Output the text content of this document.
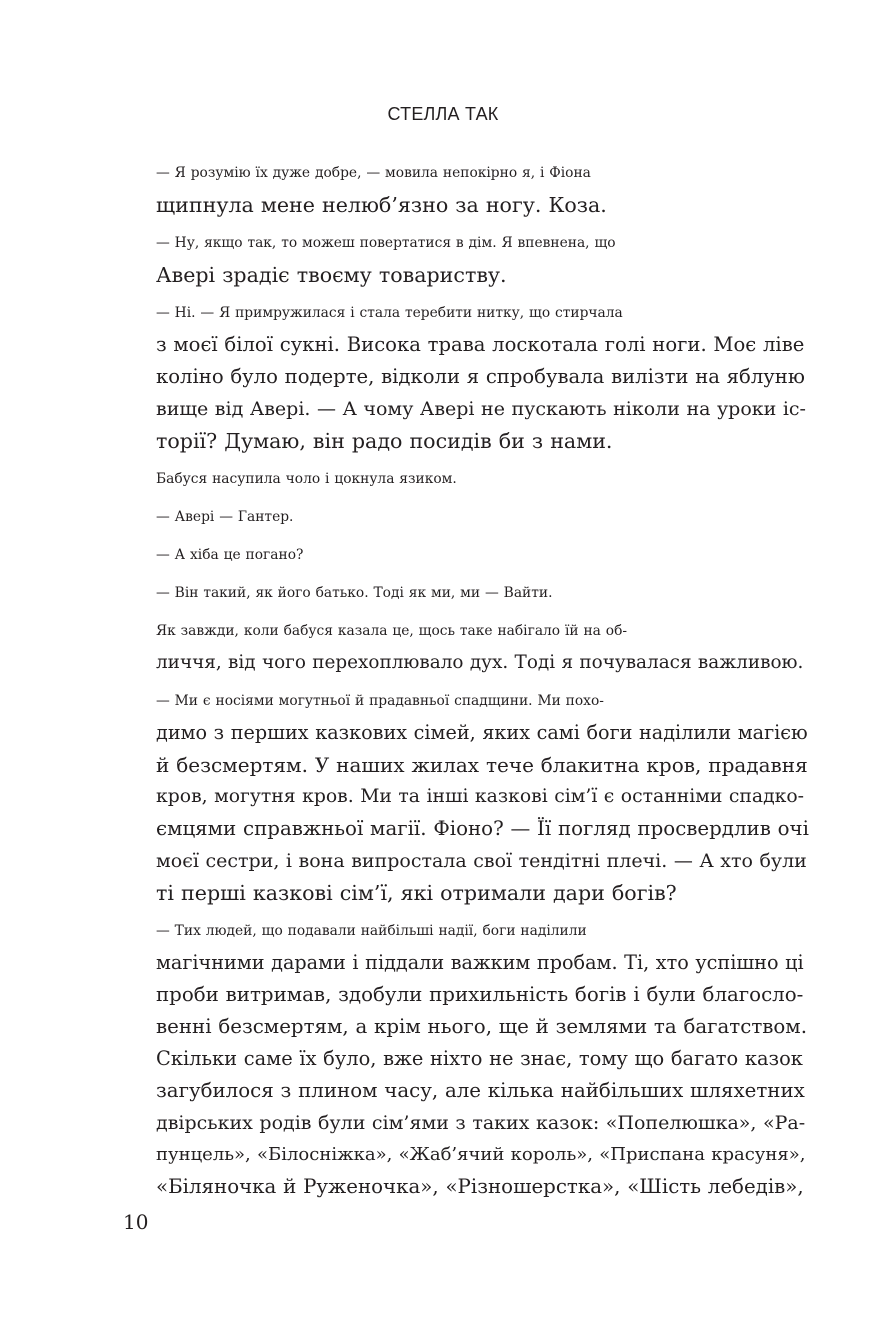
СТЕЛЛА ТАК

— Я розумію їх дуже добре, — мовила непокірно я, і Фіона
щипнула мене нелюб’язно за ногу. Коза.

— Ну, якщо так, то можеш повертатися в дім. Я впевнена, що
Авері зрадіє твоєму товариству.

— Ні. — Я примружилася і стала теребити нитку, що стирчала
з моєї білої сукні. Висока трава лоскотала голі ноги. Моє ліве
коліно було подерте, відколи я спробувала вилізти на яблуню
вище від Авері. — А чому Авері не пускають ніколи на уроки іс-
торії? Думаю, він радо посидів би з нами.

Бабуся насупила чоло і цокнула язиком.

— Авері — Гантер.

— А хіба це погано?

— Він такий, як його батько. Тоді як ми, ми — Вайти.

Як завжди, коли бабуся казала це, щось таке набігало їй на об-
личчя, від чого перехоплювало дух. Тоді я почувалася важливою.

— Ми є носіями могутньої й прадавньої спадщини. Ми похо-
димо з перших казкових сімей, яких самі боги наділили магією
й безсмертям. У наших жилах тече блакитна кров, прадавня
кров, могутня кров. Ми та інші казкові сім’ї є останніми спадко-
ємцями справжньої магії. Фіоно? — Її погляд просвердлив очі
моєї сестри, і вона випростала свої тендітні плечі. — А хто були
ті перші казкові сім’ї, які отримали дари богів?

— Тих людей, що подавали найбільші надії, боги наділили
магічними дарами і піддали важким пробам. Ті, хто успішно ці
проби витримав, здобули прихильність богів і були благосло-
венні безсмертям, а крім нього, ще й землями та багатством.
Скільки саме їх було, вже ніхто не знає, тому що багато казок
загубилося з плином часу, але кілька найбільших шляхетних
двірських родів були сім’ями з таких казок: «Попелюшка», «Ра-
пунцель», «Білосніжка», «Жаб’ячий король», «Приспана красуня»,
«Біляночка й Руженочка», «Різношерстка», «Шість лебедів»,

10
